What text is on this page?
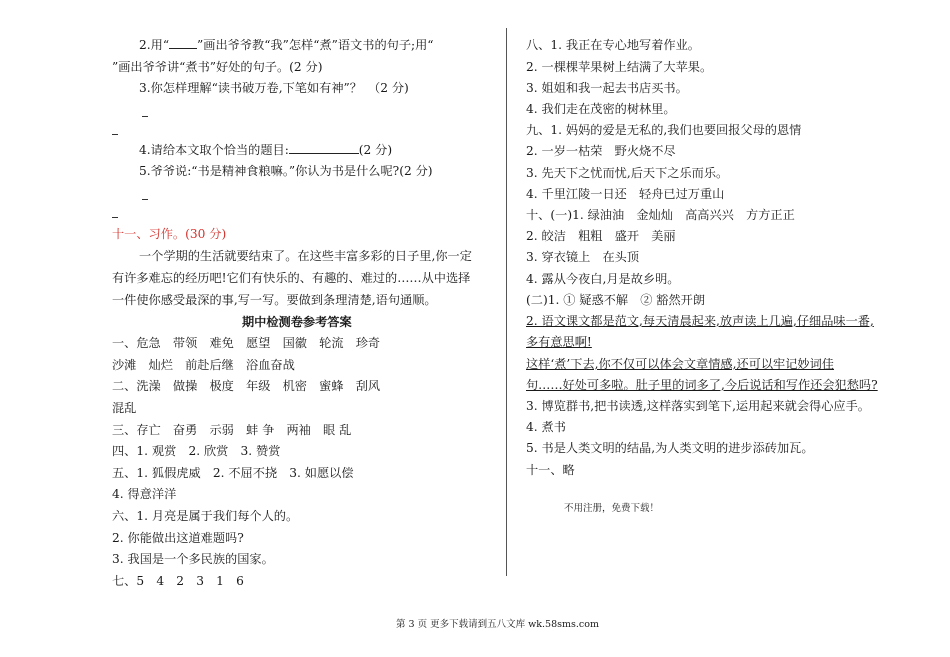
2.用“ ”画出爷爷教“我”怎样“煮”语文书的句子;用“
”画出爷爷讲“煮书”好处的句子。(2 分)
3.你怎样理解“读书破万卷,下笔如有神”？　（2 分)
4.请给本文取个恰当的题目:	(2 分)
5.爷爷说:“书是精神食粮嘛。”你认为书是什么呢?(2 分)
十一、习作。(30 分)
一个学期的生活就要结束了。在这些丰富多彩的日子里,你一定
有许多难忘的经历吧!它们有快乐的、有趣的、难过的……从中选择
一件使你感受最深的事,写一写。要做到条理清楚,语句通顺。
期中检测卷参考答案
一、危急　带领　难免　愿望　国徽　轮流　珍奇
沙滩　灿烂　前赴后继　浴血奋战
二、洗澡　做操　极度　年级　机密　蜜蜂　刮风
混乱
三、存亡　奋勇　示弱　蚌 争　两袖　眼 乱
四、1. 观赏　2. 欣赏　3. 赞赏
五、1. 狐假虎威　2. 不屈不挠　3. 如愿以偿
4. 得意洋洋
六、1. 月亮是属于我们每个人的。
2. 你能做出这道难题吗?
3. 我国是一个多民族的国家。
七、5　4　2　3　1　6
八、1. 我正在专心地写着作业。
2. 一棵棵苹果树上结满了大苹果。
3. 姐姐和我一起去书店买书。
4. 我们走在茂密的树林里。
九、1. 妈妈的爱是无私的,我们也要回报父母的恩情
2. 一岁一枯荣　野火烧不尽
3. 先天下之忧而忧,后天下之乐而乐。
4. 千里江陵一日还　轻舟已过万重山
十、(一)1. 绿油油　金灿灿　高高兴兴　方方正正
2. 皎洁　粗粗　盛开　美丽
3. 穿衣镜上　在头顶
4. 露从今夜白,月是故乡明。
(二)1. ① 疑惑不解　② 豁然开朗
2. 语文课文都是范文,每天清晨起来,放声读上几遍,仔细品味一番,
多有意思啊!
这样‘煮’下去,你不仅可以体会文章情感,还可以牢记妙词佳
句……好处可多啦。肚子里的词多了,今后说话和写作还会犯愁吗?
3. 博览群书,把书读透,这样落实到笔下,运用起来就会得心应手。
4. 煮书
5. 书是人类文明的结晶,为人类文明的进步添砖加瓦。
十一、略
不用注册，免费下载！
第 3 页 更多下载请到五八文库 wk.58sms.com
